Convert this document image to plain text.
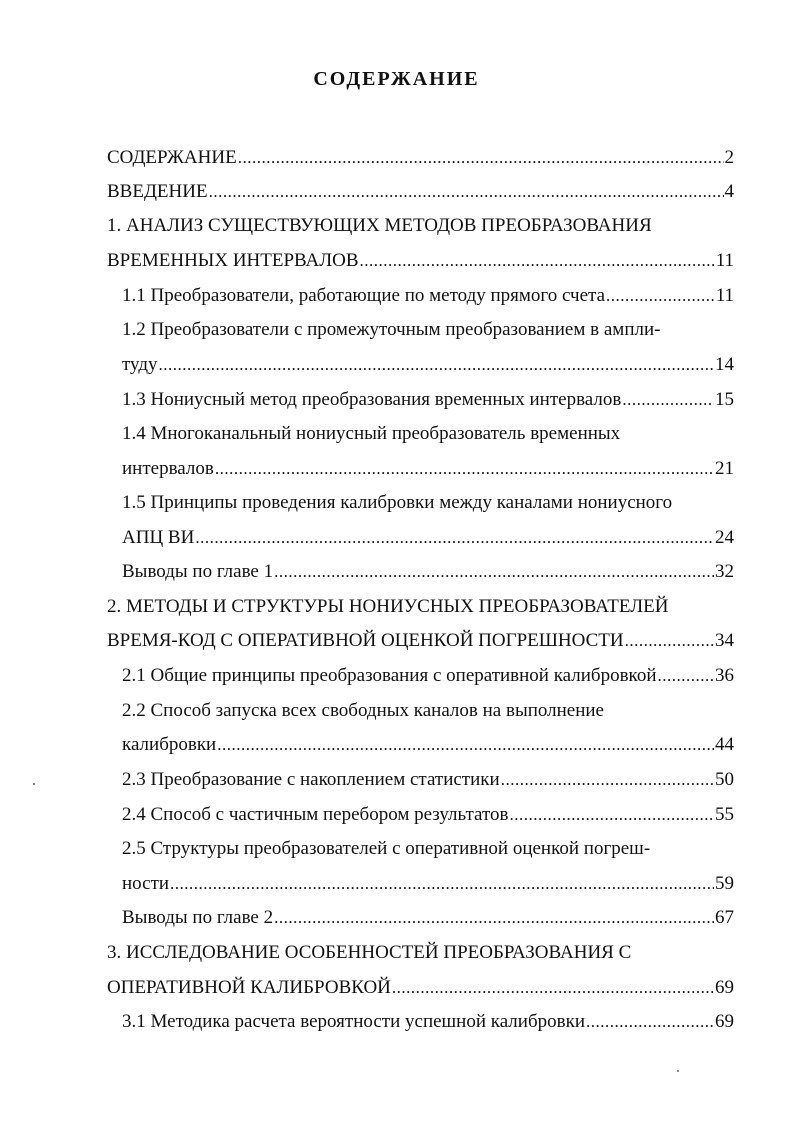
СОДЕРЖАНИЕ
СОДЕРЖАНИЕ .....	2
ВВЕДЕНИЕ .....	4
1. АНАЛИЗ СУЩЕСТВУЮЩИХ МЕТОДОВ ПРЕОБРАЗОВАНИЯ
ВРЕМЕННЫХ ИНТЕРВАЛОВ .....	11
1.1 Преобразователи, работающие по методу прямого счета .....	11
1.2 Преобразователи с промежуточным преобразованием в ампли-
туду .....	14
1.3 Нониусный метод преобразования временных интервалов .....	15
1.4 Многоканальный нониусный преобразователь временных
интервалов .....	21
1.5 Принципы проведения калибровки между каналами нониусного
АПЦ ВИ .....	24
Выводы по главе 1 .....	32
2. МЕТОДЫ И СТРУКТУРЫ НОНИУСНЫХ ПРЕОБРАЗОВАТЕЛЕЙ
ВРЕМЯ-КОД С ОПЕРАТИВНОЙ ОЦЕНКОЙ ПОГРЕШНОСТИ .....	34
2.1 Общие принципы преобразования с оперативной калибровкой .....	36
2.2 Способ запуска всех свободных каналов на выполнение
калибровки .....	44
2.3 Преобразование с накоплением статистики .....	50
2.4 Способ с частичным перебором результатов .....	55
2.5 Структуры преобразователей с оперативной оценкой погреш-
ности .....	59
Выводы по главе 2 .....	67
3. ИССЛЕДОВАНИЕ ОСОБЕННОСТЕЙ ПРЕОБРАЗОВАНИЯ С
ОПЕРАТИВНОЙ КАЛИБРОВКОЙ .....	69
3.1 Методика расчета вероятности успешной калибровки .....	69
